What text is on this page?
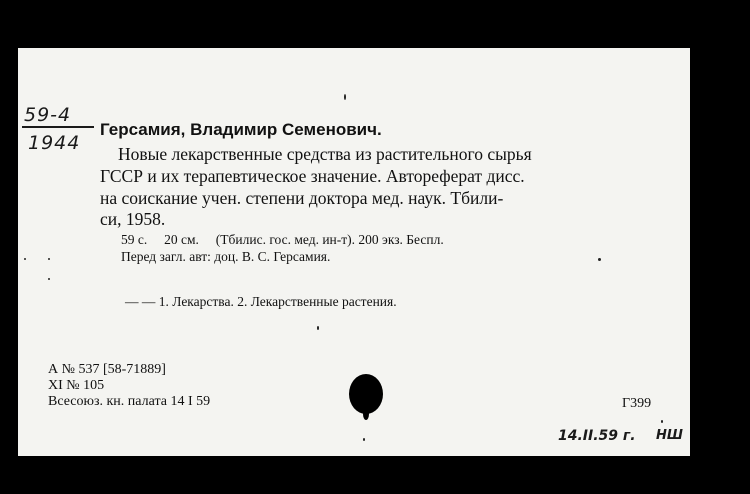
59-4
1944
Герсамия, Владимир Семенович.
Новые лекарственные средства из растительного сырья
ГССР и их терапевтическое значение. Автореферат дисс.
на соискание учен. степени доктора мед. наук. Тбили-
си, 1958.
59 с.     20 см.     (Тбилис. гос. мед. ин-т). 200 экз. Беспл.
Перед загл. авт: доц. В. С. Герсамия.
— — 1. Лекарства. 2. Лекарственные растения.
А № 537 [58-71889]
XI № 105
Всесоюз. кн. палата 14 I 59	Г399
14.II.59 г. НШ
